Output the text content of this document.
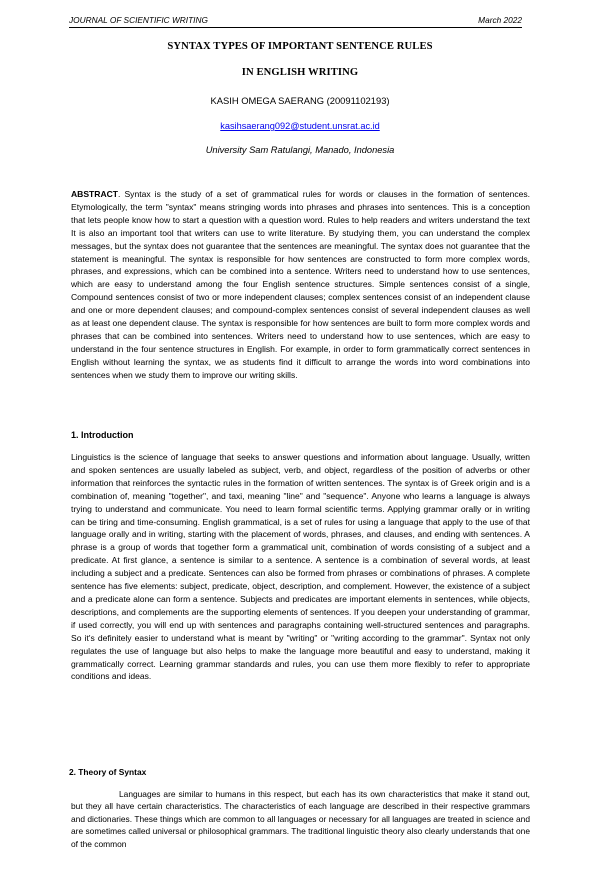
JOURNAL OF SCIENTIFIC WRITING	March 2022
SYNTAX TYPES OF IMPORTANT SENTENCE RULES
IN ENGLISH WRITING
KASIH OMEGA SAERANG (20091102193)
kasihsaerang092@student.unsrat.ac.id
University Sam Ratulangi, Manado, Indonesia

ABSTRACT. Syntax is the study of a set of grammatical rules for words or clauses in the formation of sentences. Etymologically, the term "syntax" means stringing words into phrases and phrases into sentences. This is a conception that lets people know how to start a question with a question word. Rules to help readers and writers understand the text It is also an important tool that writers can use to write literature. By studying them, you can understand the complex messages, but the syntax does not guarantee that the sentences are meaningful. The syntax does not guarantee that the statement is meaningful. The syntax is responsible for how sentences are constructed to form more complex words, phrases, and expressions, which can be combined into a sentence. Writers need to understand how to use sentences, which are easy to understand among the four English sentence structures. Simple sentences consist of a single, Compound sentences consist of two or more independent clauses; complex sentences consist of an independent clause and one or more dependent clauses; and compound-complex sentences consist of several independent clauses as well as at least one dependent clause. The syntax is responsible for how sentences are built to form more complex words and phrases that can be combined into sentences. Writers need to understand how to use sentences, which are easy to understand in the four sentence structures in English. For example, in order to form grammatically correct sentences in English without learning the syntax, we as students find it difficult to arrange the words into word combinations into sentences when we study them to improve our writing skills.

1. Introduction

Linguistics is the science of language that seeks to answer questions and information about language. Usually, written and spoken sentences are usually labeled as subject, verb, and object, regardless of the position of adverbs or other information that reinforces the syntactic rules in the formation of written sentences. The syntax is of Greek origin and is a combination of, meaning "together", and taxi, meaning "line" and "sequence". Anyone who learns a language is always trying to understand and communicate. You need to learn formal scientific terms. Applying grammar orally or in writing can be tiring and time-consuming. English grammatical, is a set of rules for using a language that apply to the use of that language orally and in writing, starting with the placement of words, phrases, and clauses, and ending with sentences. A phrase is a group of words that together form a grammatical unit, combination of words consisting of a subject and a predicate. At first glance, a sentence is similar to a sentence. A sentence is a combination of several words, at least including a subject and a predicate. Sentences can also be formed from phrases or combinations of phrases. A complete sentence has five elements: subject, predicate, object, description, and complement. However, the existence of a subject and a predicate alone can form a sentence. Subjects and predicates are important elements in sentences, while objects, descriptions, and complements are the supporting elements of sentences. If you deepen your understanding of grammar, if used correctly, you will end up with sentences and paragraphs containing well-structured sentences and paragraphs. So it's definitely easier to understand what is meant by "writing" or "writing according to the grammar". Syntax not only regulates the use of language but also helps to make the language more beautiful and easy to understand, making it grammatically correct. Learning grammar standards and rules, you can use them more flexibly to refer to appropriate conditions and ideas.

2. Theory of Syntax

Languages are similar to humans in this respect, but each has its own characteristics that make it stand out, but they all have certain characteristics. The characteristics of each language are described in their respective grammars and dictionaries. These things which are common to all languages or necessary for all languages are treated in science and are sometimes called universal or philosophical grammars. The traditional linguistic theory also clearly understands that one of the common
